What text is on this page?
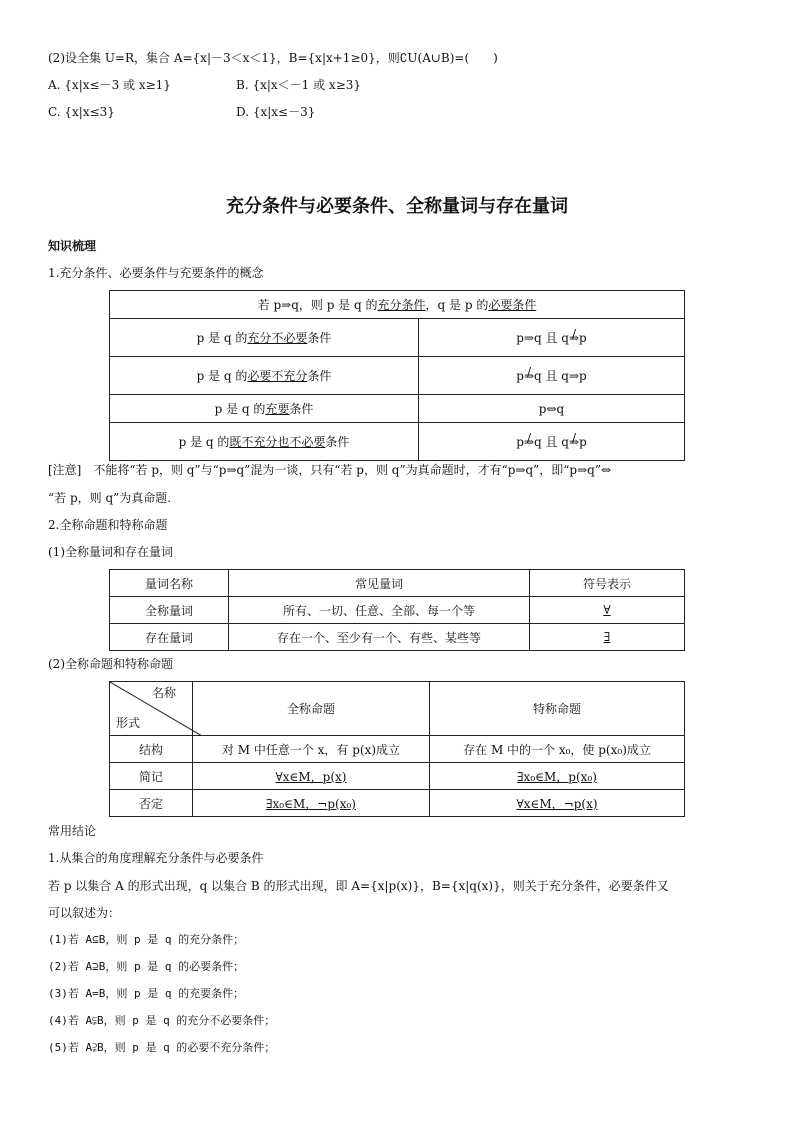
(2)设全集 U=R，集合 A={x|－3＜x＜1}，B={x|x+1≥0}，则∁U(A∪B)=(　　)
A. {x|x≤－3 或 x≥1}	B. {x|x＜－1 或 x≥3}
C. {x|x≤3}	D. {x|x≤－3}
充分条件与必要条件、全称量词与存在量词
知识梳理
1.充分条件、必要条件与充要条件的概念
若 p⇒q，则 p 是 q 的充分条件，q 是 p 的必要条件	
p 是 q 的充分不必要条件	p⇒q 且 q⇒ /p
p 是 q 的必要不充分条件	p⇒ /q 且 q⇒p
p 是 q 的充要条件	p⇔q
p 是 q 的既不充分也不必要条件	p⇒ /q 且 q⇒ /p
[注意]　不能将“若 p，则 q”与“p⇒q”混为一谈，只有“若 p，则 q”为真命题时，才有“p⇒q”，即“p⇒q”⇔
“若 p，则 q”为真命题.
2.全称命题和特称命题
(1)全称量词和存在量词
量词名称	常见量词	符号表示
全称量词	所有、一切、任意、全部、每一个等	∀
存在量词	存在一个、至少有一个、有些、某些等	∃
(2)全称命题和特称命题
名称
形式	全称命题	特称命题
结构	对 M 中任意一个 x，有 p(x)成立	存在 M 中的一个 x₀，使 p(x₀)成立
简记	∀x∈M，p(x)	∃x₀∈M，p(x₀)
否定	∃x₀∈M，¬p(x₀)	∀x∈M，¬p(x)
常用结论
1.从集合的角度理解充分条件与必要条件
若 p 以集合 A 的形式出现，q 以集合 B 的形式出现，即 A={x|p(x)}，B={x|q(x)}，则关于充分条件，必要条件又
可以叙述为：
(1)若 A⊆B，则 p 是 q 的充分条件；
(2)若 A⊇B，则 p 是 q 的必要条件；
(3)若 A=B，则 p 是 q 的充要条件；
(4)若 A⫋B，则 p 是 q 的充分不必要条件；
(5)若 A⫌B，则 p 是 q 的必要不充分条件；
